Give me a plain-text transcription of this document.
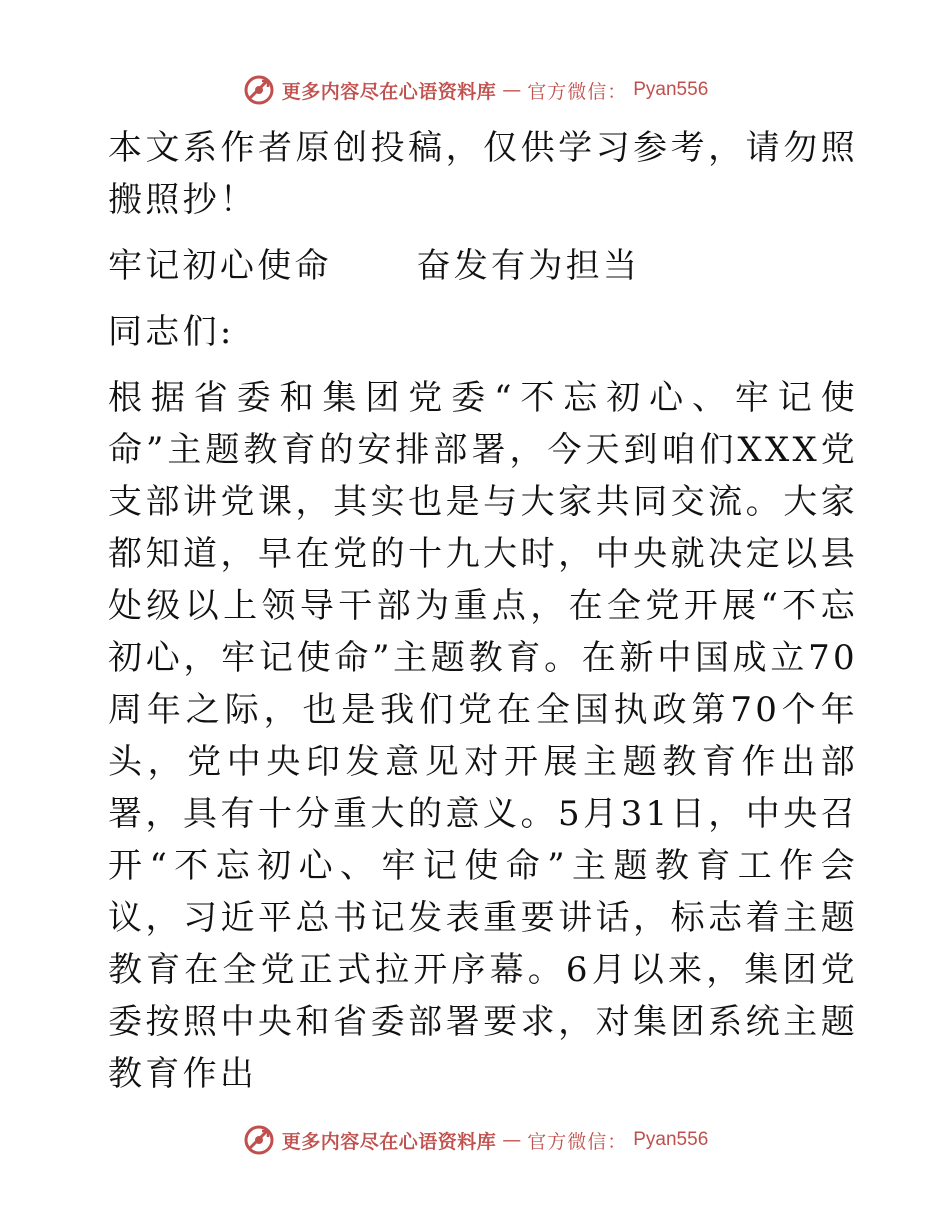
更多内容尽在心语资料库 — 官方微信： Pyan556

本文系作者原创投稿，仅供学习参考，请勿照搬照抄！

牢记初心使命      奋发有为担当

同志们:

根据省委和集团党委“不忘初心、牢记使命”主题教育的安排部署，今天到咱们XXX党支部讲党课，其实也是与大家共同交流。大家都知道，早在党的十九大时，中央就决定以县处级以上领导干部为重点，在全党开展“不忘初心，牢记使命”主题教育。在新中国成立70周年之际，也是我们党在全国执政第70个年头，党中央印发意见对开展主题教育作出部署，具有十分重大的意义。5月31日，中央召开“不忘初心、牢记使命”主题教育工作会议，习近平总书记发表重要讲话，标志着主题教育在全党正式拉开序幕。6月以来，集团党委按照中央和省委部署要求，对集团系统主题教育作出

更多内容尽在心语资料库 — 官方微信： Pyan556
